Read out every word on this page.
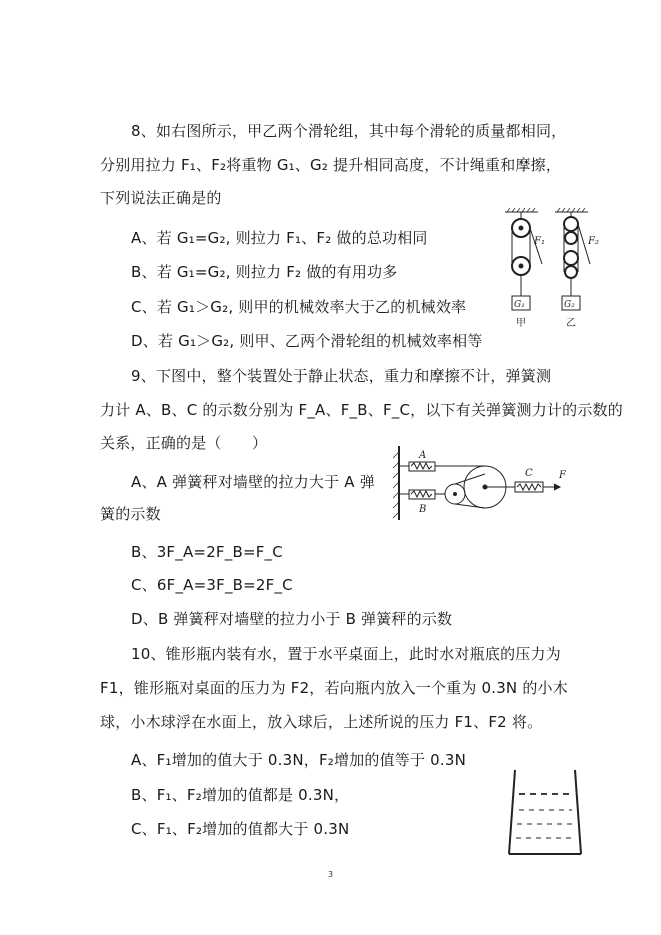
8、如右图所示，甲乙两个滑轮组，其中每个滑轮的质量都相同，
分别用拉力 F₁、F₂将重物 G₁、G₂ 提升相同高度，不计绳重和摩擦，
下列说法正确是的
A、若 G₁=G₂, 则拉力 F₁、F₂ 做的总功相同
B、若 G₁=G₂, 则拉力 F₂ 做的有用功多
C、若 G₁＞G₂, 则甲的机械效率大于乙的机械效率
D、若 G₁＞G₂, 则甲、乙两个滑轮组的机械效率相等
F₁	F₂
G₁	G₂
甲	乙
9、下图中，整个装置处于静止状态，重力和摩擦不计，弹簧测
力计 A、B、C 的示数分别为 F_A、F_B、F_C，以下有关弹簧测力计的示数的
关系，正确的是（　　）
A、A 弹簧秤对墙壁的拉力大于 A 弹
簧的示数
B、3F_A=2F_B=F_C
C、6F_A=3F_B=2F_C
D、B 弹簧秤对墙壁的拉力小于 B 弹簧秤的示数
A
B
C	F
10、锥形瓶内装有水，置于水平桌面上，此时水对瓶底的压力为
F1，锥形瓶对桌面的压力为 F2，若向瓶内放入一个重为 0.3N 的小木
球，小木球浮在水面上，放入球后，上述所说的压力 F1、F2 将。
A、F₁增加的值大于 0.3N，F₂增加的值等于 0.3N
B、F₁、F₂增加的值都是 0.3N，
C、F₁、F₂增加的值都大于 0.3N
3
